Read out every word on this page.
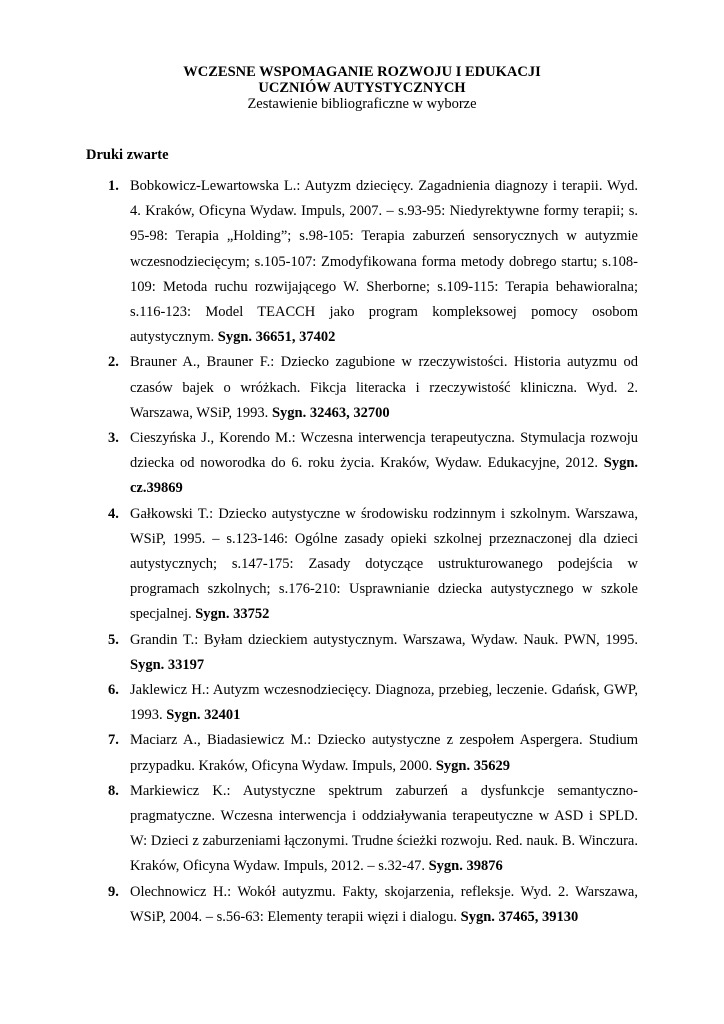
WCZESNE WSPOMAGANIE ROZWOJU I EDUKACJI
UCZNIÓW AUTYSTYCZNYCH
Zestawienie bibliograficzne w wyborze
Druki zwarte
1. Bobkowicz-Lewartowska L.: Autyzm dziecięcy. Zagadnienia diagnozy i terapii. Wyd. 4. Kraków, Oficyna Wydaw. Impuls, 2007. – s.93-95: Niedyrektywne formy terapii; s. 95-98: Terapia „Holding”; s.98-105: Terapia zaburzeń sensorycznych w autyzmie wczesnodziecięcym; s.105-107: Zmodyfikowana forma metody dobrego startu; s.108-109: Metoda ruchu rozwijającego W. Sherborne; s.109-115: Terapia behawioralna; s.116-123: Model TEACCH jako program kompleksowej pomocy osobom autystycznym. Sygn. 36651, 37402
2. Brauner A., Brauner F.: Dziecko zagubione w rzeczywistości. Historia autyzmu od czasów bajek o wróżkach. Fikcja literacka i rzeczywistość kliniczna. Wyd. 2. Warszawa, WSiP, 1993. Sygn. 32463, 32700
3. Cieszyńska J., Korendo M.: Wczesna interwencja terapeutyczna. Stymulacja rozwoju dziecka od noworodka do 6. roku życia. Kraków, Wydaw. Edukacyjne, 2012. Sygn. cz.39869
4. Gałkowski T.: Dziecko autystyczne w środowisku rodzinnym i szkolnym. Warszawa, WSiP, 1995. – s.123-146: Ogólne zasady opieki szkolnej przeznaczonej dla dzieci autystycznych; s.147-175: Zasady dotyczące ustrukturowanego podejścia w programach szkolnych; s.176-210: Usprawnianie dziecka autystycznego w szkole specjalnej. Sygn. 33752
5. Grandin T.: Byłam dzieckiem autystycznym. Warszawa, Wydaw. Nauk. PWN, 1995. Sygn. 33197
6. Jaklewicz H.: Autyzm wczesnodziecięcy. Diagnoza, przebieg, leczenie. Gdańsk, GWP, 1993. Sygn. 32401
7. Maciarz A., Biadasiewicz M.: Dziecko autystyczne z zespołem Aspergera. Studium przypadku. Kraków, Oficyna Wydaw. Impuls, 2000. Sygn. 35629
8. Markiewicz K.: Autystyczne spektrum zaburzeń a dysfunkcje semantyczno-pragmatyczne. Wczesna interwencja i oddziaływania terapeutyczne w ASD i SPLD. W: Dzieci z zaburzeniami łączonymi. Trudne ścieżki rozwoju. Red. nauk. B. Winczura. Kraków, Oficyna Wydaw. Impuls, 2012. – s.32-47. Sygn. 39876
9. Olechnowicz H.: Wokół autyzmu. Fakty, skojarzenia, refleksje. Wyd. 2. Warszawa, WSiP, 2004. – s.56-63: Elementy terapii więzi i dialogu. Sygn. 37465, 39130
